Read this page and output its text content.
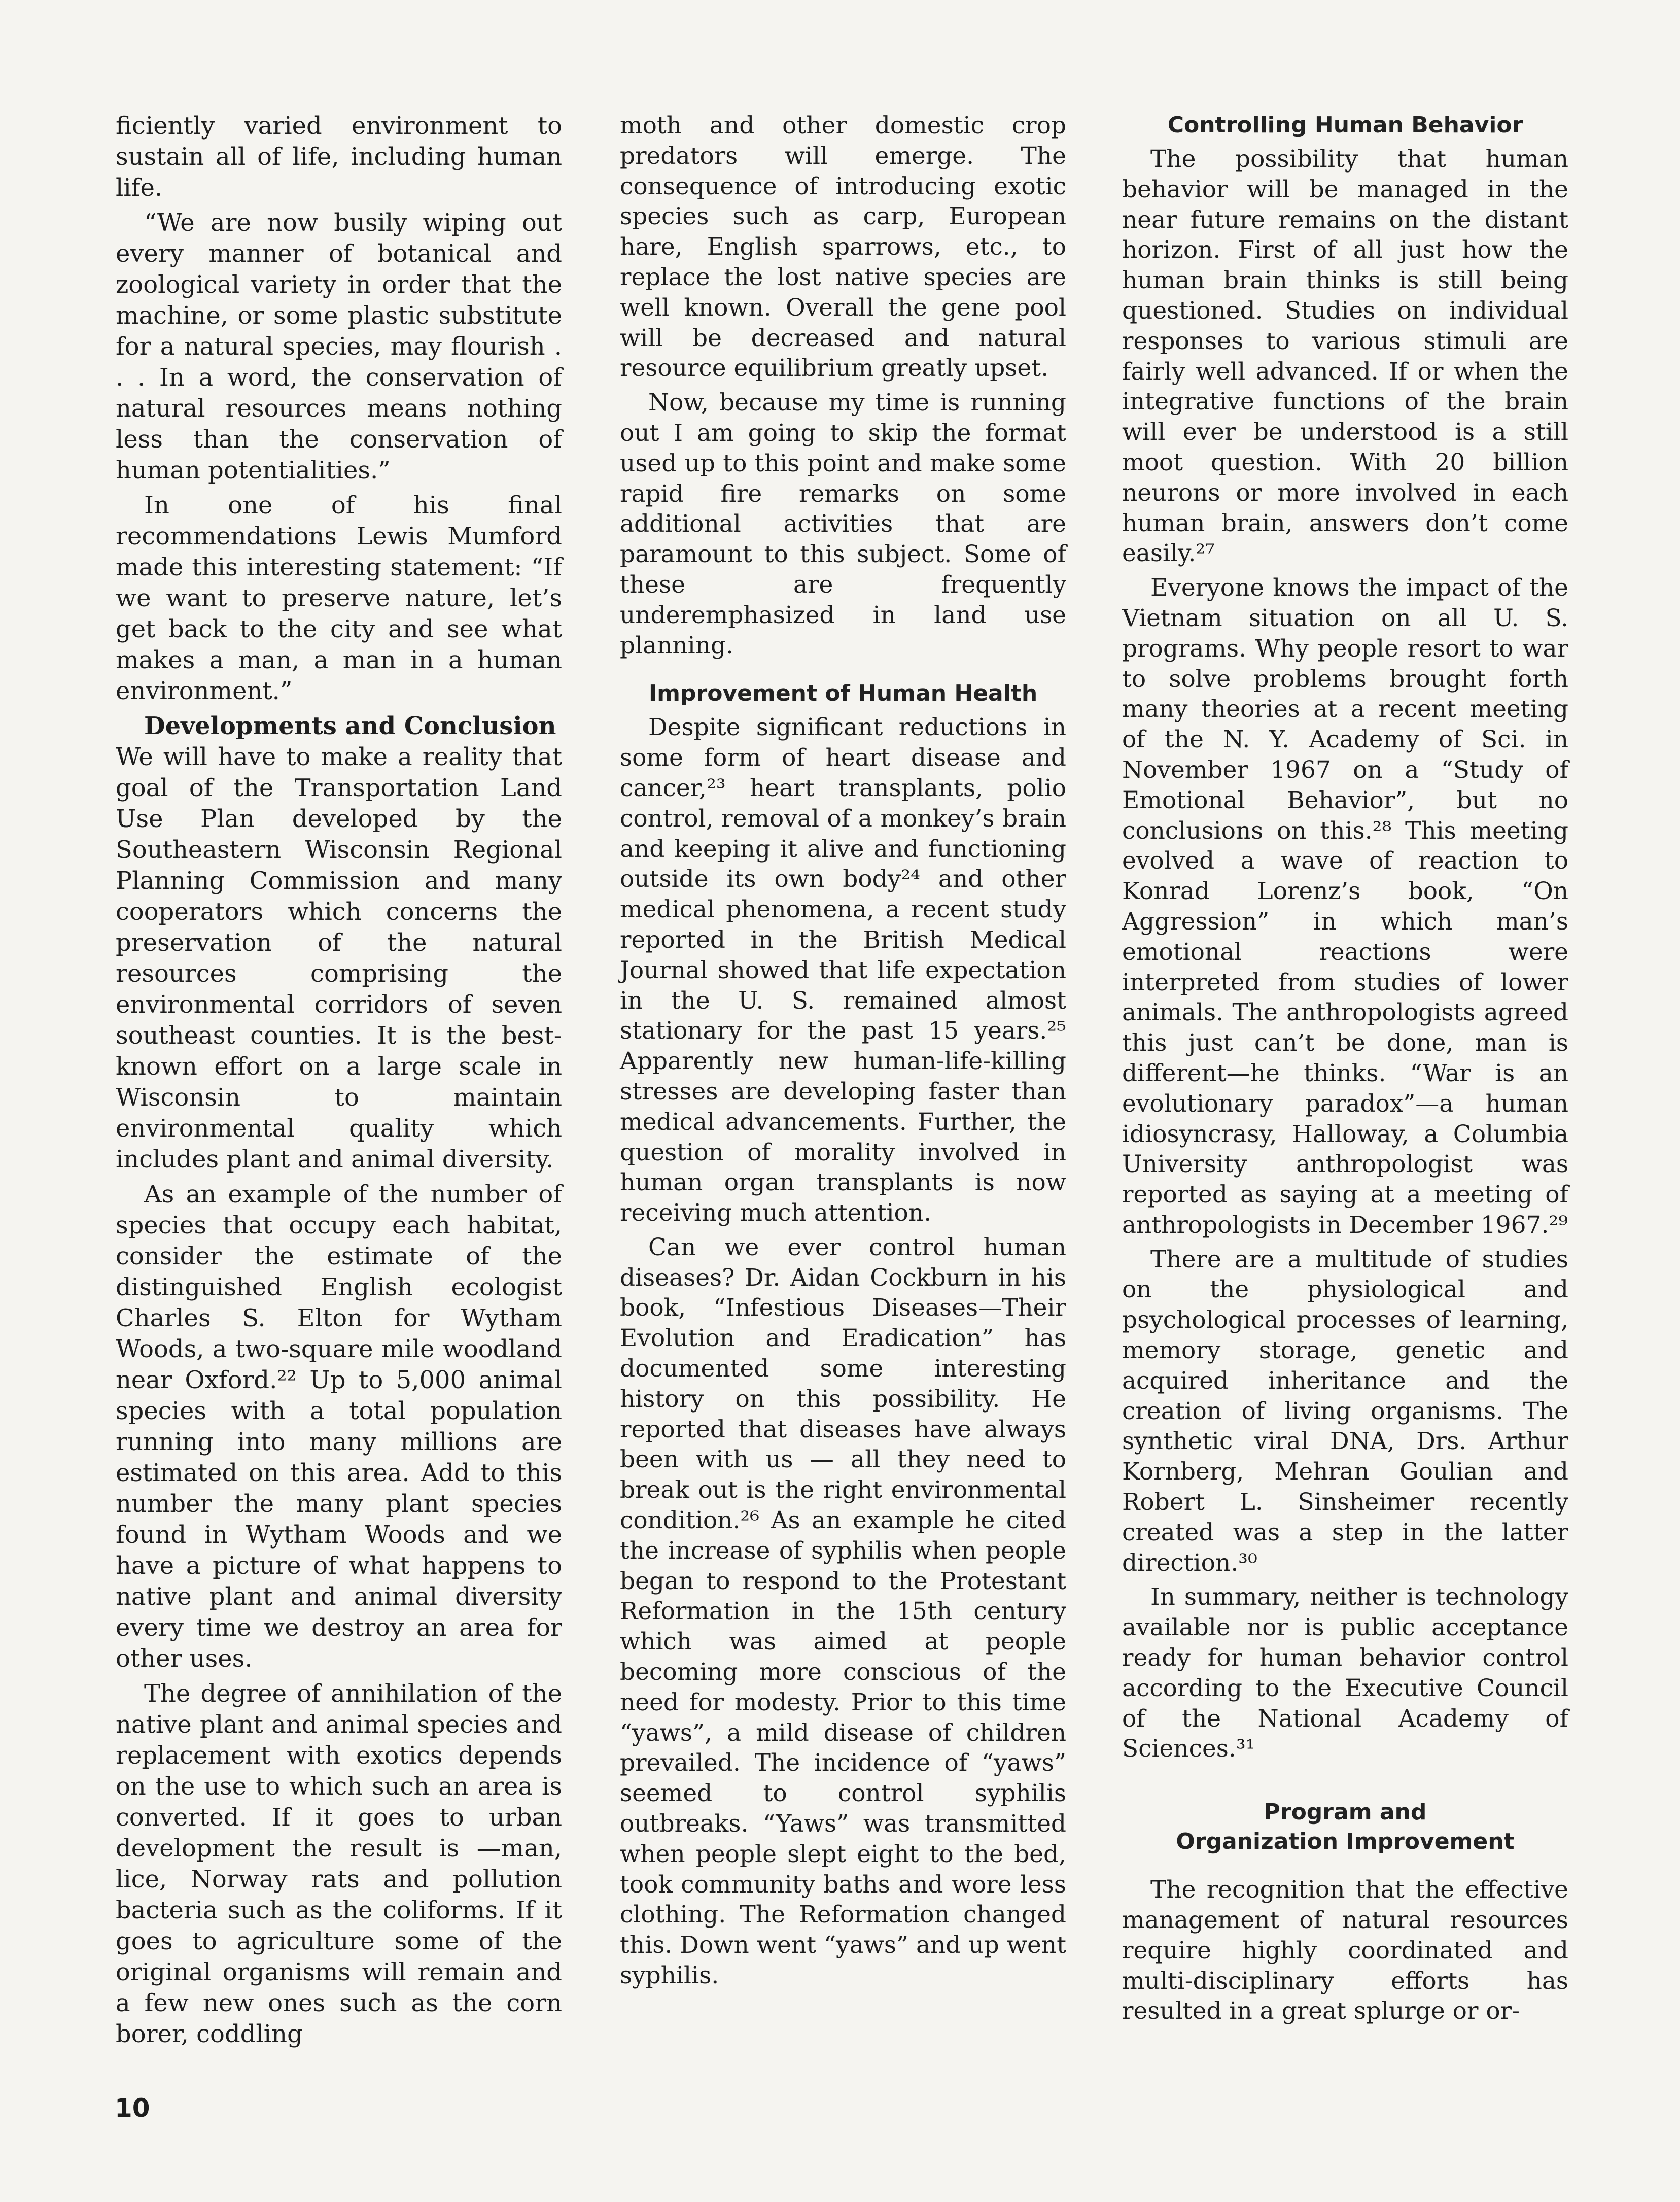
ficiently varied environment to sustain all of life, including human life.

“We are now busily wiping out every manner of botanical and zoological variety in order that the machine, or some plastic substitute for a natural species, may flourish . . . In a word, the conservation of natural resources means nothing less than the conservation of human potentialities.”

In one of his final recommendations Lewis Mumford made this interesting statement: “If we want to preserve nature, let’s get back to the city and see what makes a man, a man in a human environment.”

Developments and Conclusion

We will have to make a reality that goal of the Transportation Land Use Plan developed by the Southeastern Wisconsin Regional Planning Commission and many cooperators which concerns the preservation of the natural resources comprising the environmental corridors of seven southeast counties. It is the best-known effort on a large scale in Wisconsin to maintain environmental quality which includes plant and animal diversity.

As an example of the number of species that occupy each habitat, consider the estimate of the distinguished English ecologist Charles S. Elton for Wytham Woods, a two-square mile woodland near Oxford.²² Up to 5,000 animal species with a total population running into many millions are estimated on this area. Add to this number the many plant species found in Wytham Woods and we have a picture of what happens to native plant and animal diversity every time we destroy an area for other uses.

The degree of annihilation of the native plant and animal species and replacement with exotics depends on the use to which such an area is converted. If it goes to urban development the result is —man, lice, Norway rats and pollution bacteria such as the coliforms. If it goes to agriculture some of the original organisms will remain and a few new ones such as the corn borer, coddling

moth and other domestic crop predators will emerge. The consequence of introducing exotic species such as carp, European hare, English sparrows, etc., to replace the lost native species are well known. Overall the gene pool will be decreased and natural resource equilibrium greatly upset.

Now, because my time is running out I am going to skip the format used up to this point and make some rapid fire remarks on some additional activities that are paramount to this subject. Some of these are frequently underemphasized in land use planning.

Improvement of Human Health

Despite significant reductions in some form of heart disease and cancer,²³ heart transplants, polio control, removal of a monkey’s brain and keeping it alive and functioning outside its own body²⁴ and other medical phenomena, a recent study reported in the British Medical Journal showed that life expectation in the U. S. remained almost stationary for the past 15 years.²⁵ Apparently new human-life-killing stresses are developing faster than medical advancements. Further, the question of morality involved in human organ transplants is now receiving much attention.

Can we ever control human diseases? Dr. Aidan Cockburn in his book, “Infestious Diseases—Their Evolution and Eradication” has documented some interesting history on this possibility. He reported that diseases have always been with us — all they need to break out is the right environmental condition.²⁶ As an example he cited the increase of syphilis when people began to respond to the Protestant Reformation in the 15th century which was aimed at people becoming more conscious of the need for modesty. Prior to this time “yaws”, a mild disease of children prevailed. The incidence of “yaws” seemed to control syphilis outbreaks. “Yaws” was transmitted when people slept eight to the bed, took community baths and wore less clothing. The Reformation changed this. Down went “yaws” and up went syphilis.

Controlling Human Behavior

The possibility that human behavior will be managed in the near future remains on the distant horizon. First of all just how the human brain thinks is still being questioned. Studies on individual responses to various stimuli are fairly well advanced. If or when the integrative functions of the brain will ever be understood is a still moot question. With 20 billion neurons or more involved in each human brain, answers don’t come easily.²⁷

Everyone knows the impact of the Vietnam situation on all U. S. programs. Why people resort to war to solve problems brought forth many theories at a recent meeting of the N. Y. Academy of Sci. in November 1967 on a “Study of Emotional Behavior”, but no conclusions on this.²⁸ This meeting evolved a wave of reaction to Konrad Lorenz’s book, “On Aggression” in which man’s emotional reactions were interpreted from studies of lower animals. The anthropologists agreed this just can’t be done, man is different—he thinks. “War is an evolutionary paradox”—a human idiosyncrasy, Halloway, a Columbia University anthropologist was reported as saying at a meeting of anthropologists in December 1967.²⁹

There are a multitude of studies on the physiological and psychological processes of learning, memory storage, genetic and acquired inheritance and the creation of living organisms. The synthetic viral DNA, Drs. Arthur Kornberg, Mehran Goulian and Robert L. Sinsheimer recently created was a step in the latter direction.³⁰

In summary, neither is technology available nor is public acceptance ready for human behavior control according to the Executive Council of the National Academy of Sciences.³¹

Program and
Organization Improvement

The recognition that the effective management of natural resources require highly coordinated and multi-disciplinary efforts has resulted in a great splurge or or-

10
